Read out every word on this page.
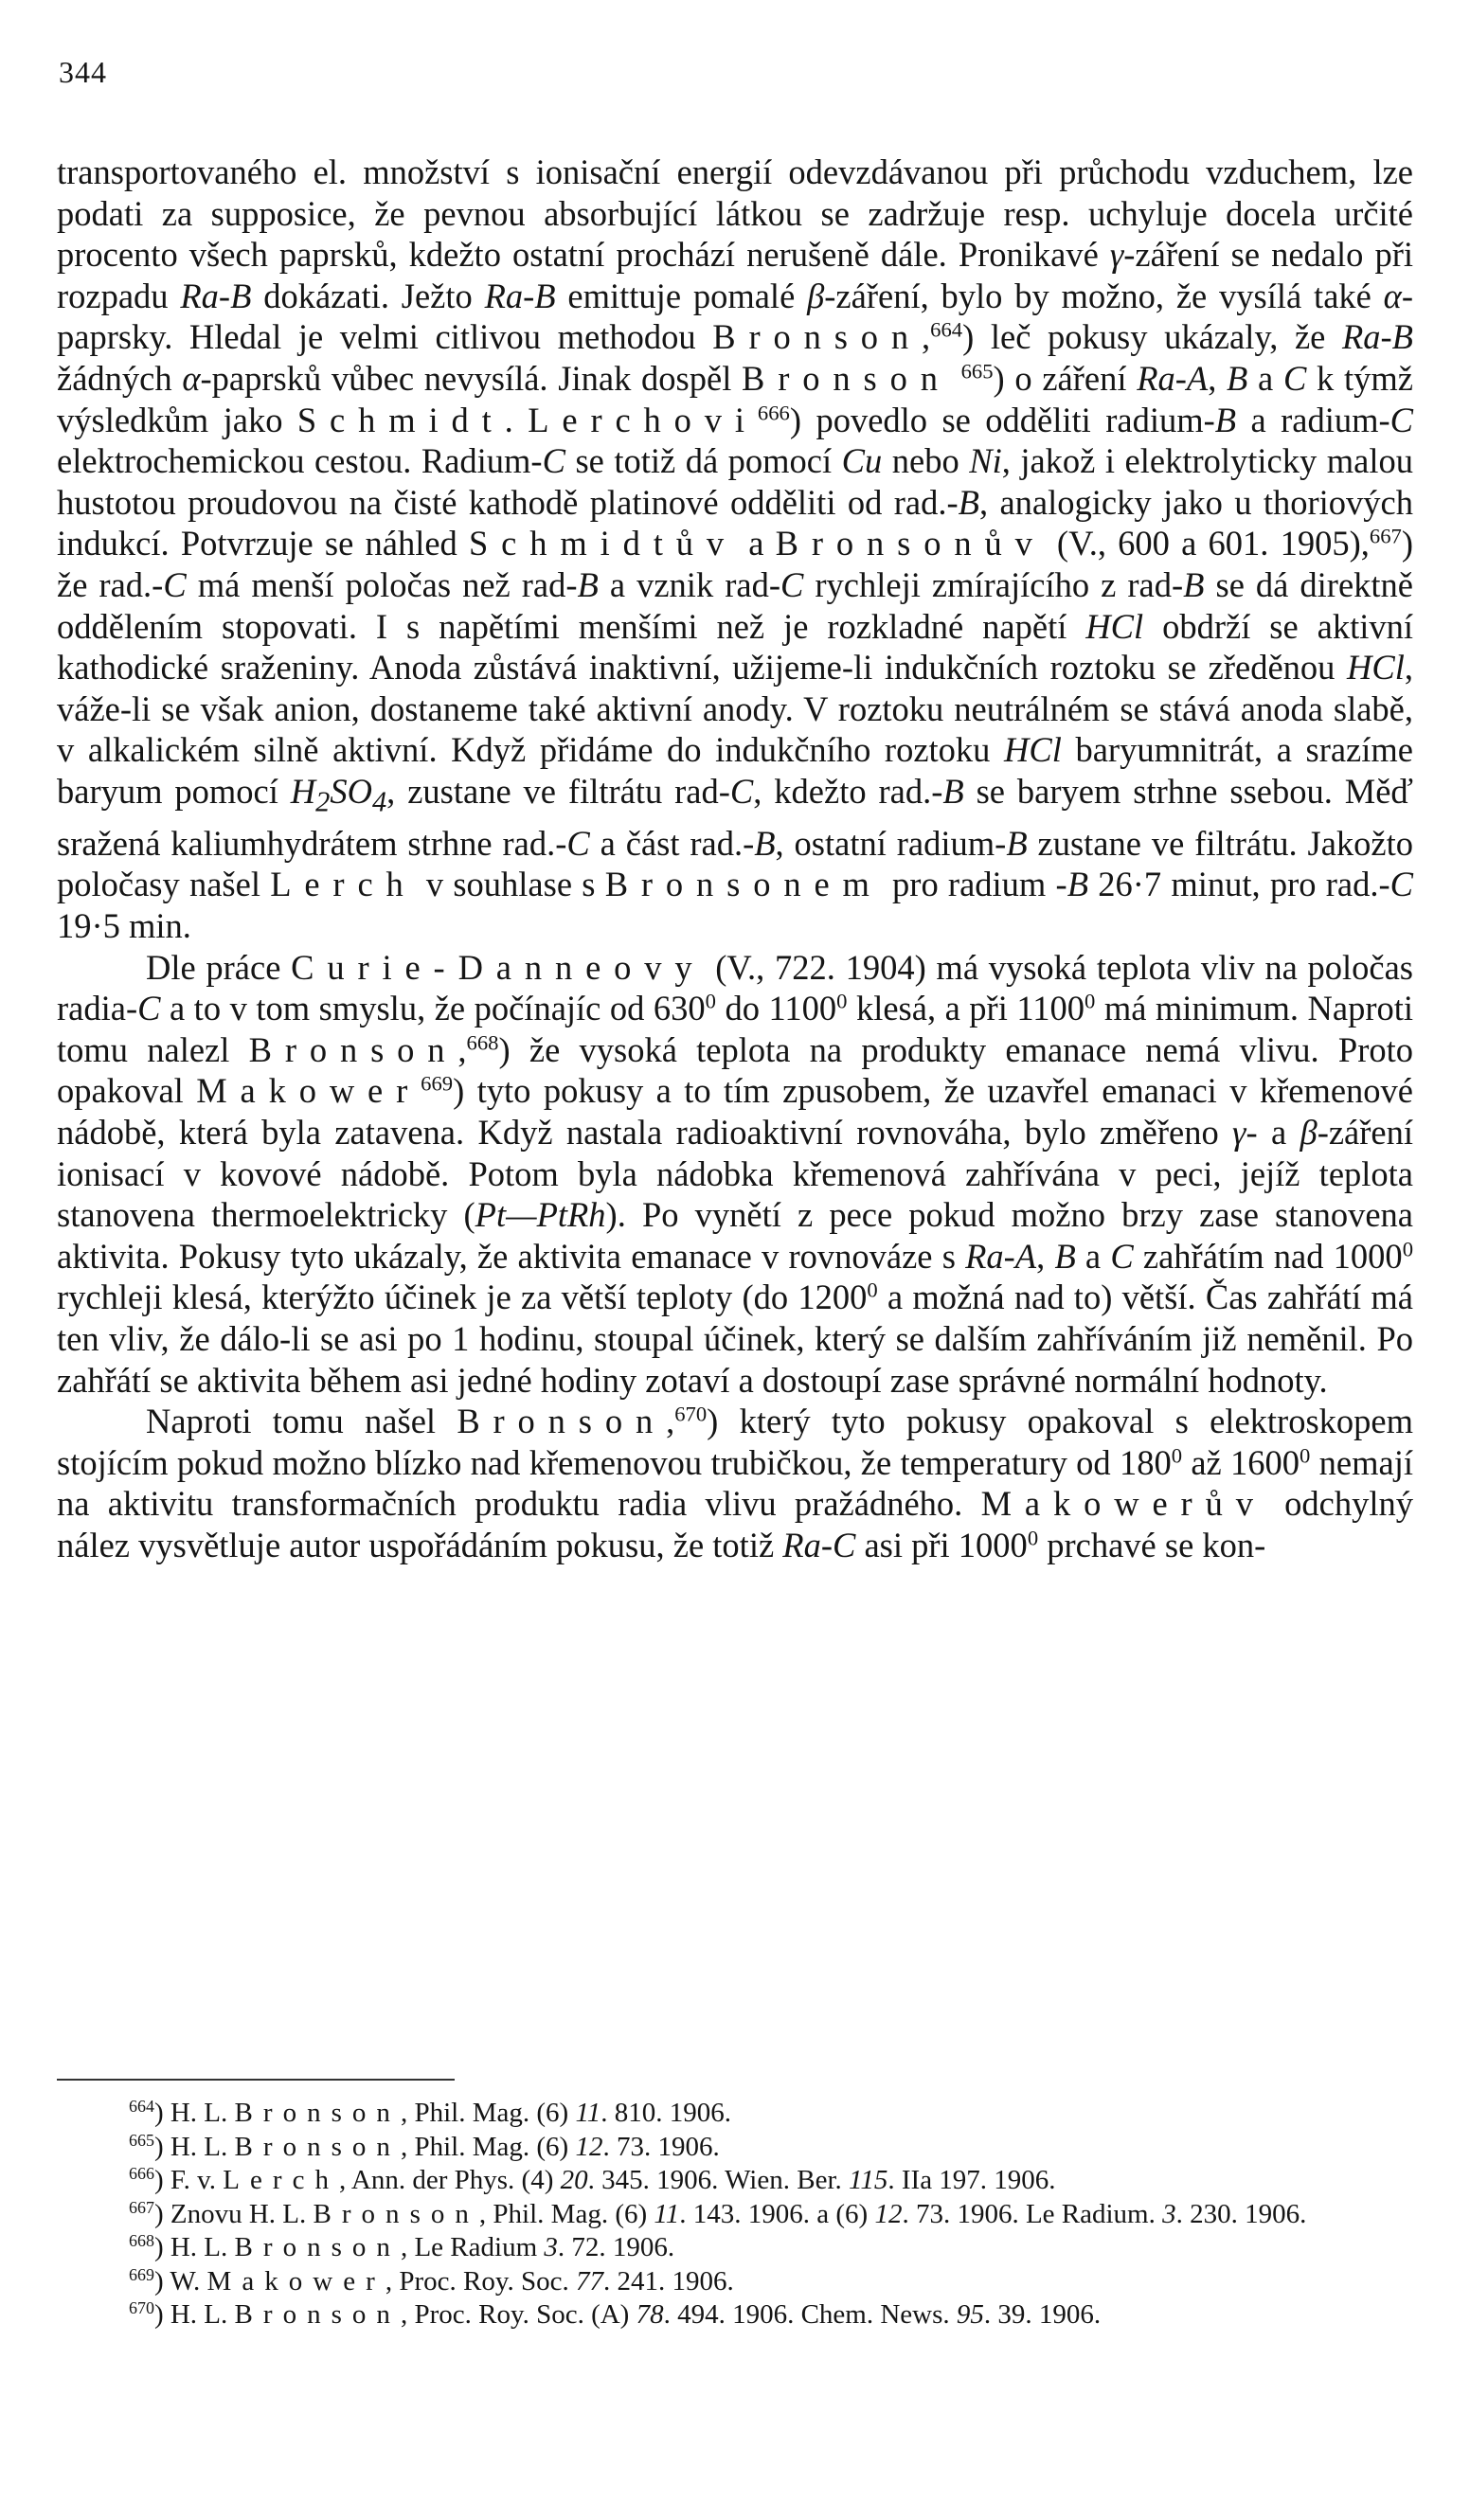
344

transportovaného el. množství s ionisační energií odevzdávanou při průchodu vzduchem, lze podati za supposice, že pevnou absorbující látkou se zadržuje resp. uchyluje docela určité procento všech paprsků, kdežto ostatní prochází nerušeně dále. Pronikavé γ-záření se nedalo při rozpadu Ra-B dokázati. Ježto Ra-B emittuje pomalé β-záření, bylo by možno, že vysílá také α-paprsky. Hledal je velmi citlivou methodou Bronson,$^{664}$) leč pokusy ukázaly, že Ra-B žádných α-paprsků vůbec nevysílá. Jinak dospěl Bronson $^{665}$) o záření Ra-A, B a C k týmž výsledkům jako Schmidt. Lerchovi$^{666}$) povedlo se odděliti radium-B a radium-C elektrochemickou cestou. Radium-C se totiž dá pomocí Cu nebo Ni, jakož i elektrolyticky malou hustotou proudovou na čisté kathodě platinové odděliti od rad.-B, analogicky jako u thoriových indukcí. Potvrzuje se náhled Schmidtův a Bronsonův (V., 600 a 601. 1905),$^{667}$) že rad.-C má menší poločas než rad-B a vznik rad-C rychleji zmírajícího z rad-B se dá direktně oddělením stopovati. I s napětími menšími než je rozkladné napětí HCl obdrží se aktivní kathodické sraženiny. Anoda zůstává inaktivní, užijeme-li indukčních roztoku se zředěnou HCl, váže-li se však anion, dostaneme také aktivní anody. V roztoku neutrálném se stává anoda slabě, v alkalickém silně aktivní. Když přidáme do indukčního roztoku HCl baryumnitrát, a srazíme baryum pomocí $H_2SO_4$, zustane ve filtrátu rad-C, kdežto rad.-B se baryem strhne ssebou. Měď sražená kaliumhydrátem strhne rad.-C a část rad.-B, ostatní radium-B zustane ve filtrátu. Jakožto poločasy našel Lerch v souhlase s Bronsonem pro radium -B 26·7 minut, pro rad.-C 19·5 min.

Dle práce Curie-Danneovy (V., 722. 1904) má vysoká teplota vliv na poločas radia-C a to v tom smyslu, že počínajíc od $630^0$ do 1100$^0$ klesá, a při 1100$^0$ má minimum. Naproti tomu nalezl Bronson,$^{668}$) že vysoká teplota na produkty emanace nemá vlivu. Proto opakoval Makower$^{669}$) tyto pokusy a to tím zpusobem, že uzavřel emanaci v křemenové nádobě, která byla zatavena. Když nastala radioaktivní rovnováha, bylo změřeno γ- a β-záření ionisací v kovové nádobě. Potom byla nádobka křemenová zahřívána v peci, jejíž teplota stanovena thermoelektricky (Pt—PtRh). Po vynětí z pece pokud možno brzy zase stanovena aktivita. Pokusy tyto ukázaly, že aktivita emanace v rovnováze s Ra-A, B a C zahřátím nad 1000$^0$ rychleji klesá, kterýžto účinek je za větší teploty (do 1200$^0$ a možná nad to) větší. Čas zahřátí má ten vliv, že dálo-li se asi po 1 hodinu, stoupal účinek, který se dalším zahříváním již neměnil. Po zahřátí se aktivita během asi jedné hodiny zotaví a dostoupí zase správné normální hodnoty.

Naproti tomu našel Bronson,$^{670}$) který tyto pokusy opakoval s elektroskopem stojícím pokud možno blízko nad křemenovou trubičkou, že temperatury od $180^0$ až 1600$^0$ nemají na aktivitu transformačních produktu radia vlivu pražádného. Makowerův odchylný nález vysvětluje autor uspořádáním pokusu, že totiž Ra-C asi při 1000$^0$ prchavé se kon-

$^{664}$) H. L. Bronson, Phil. Mag. (6) 11. 810. 1906.

$^{665}$) H. L. Bronson, Phil. Mag. (6) 12. 73. 1906.

$^{666}$) F. v. Lerch, Ann. der Phys. (4) 20. 345. 1906. Wien. Ber. 115. IIa 197. 1906.

$^{667}$) Znovu H. L. Bronson, Phil. Mag. (6) 11. 143. 1906. a (6) 12. 73. 1906. Le Radium. 3. 230. 1906.

$^{668}$) H. L. Bronson, Le Radium 3. 72. 1906.

$^{669}$) W. Makower, Proc. Roy. Soc. 77. 241. 1906.

$^{670}$) H. L. Bronson, Proc. Roy. Soc. (A) 78. 494. 1906. Chem. News. 95. 39. 1906.
